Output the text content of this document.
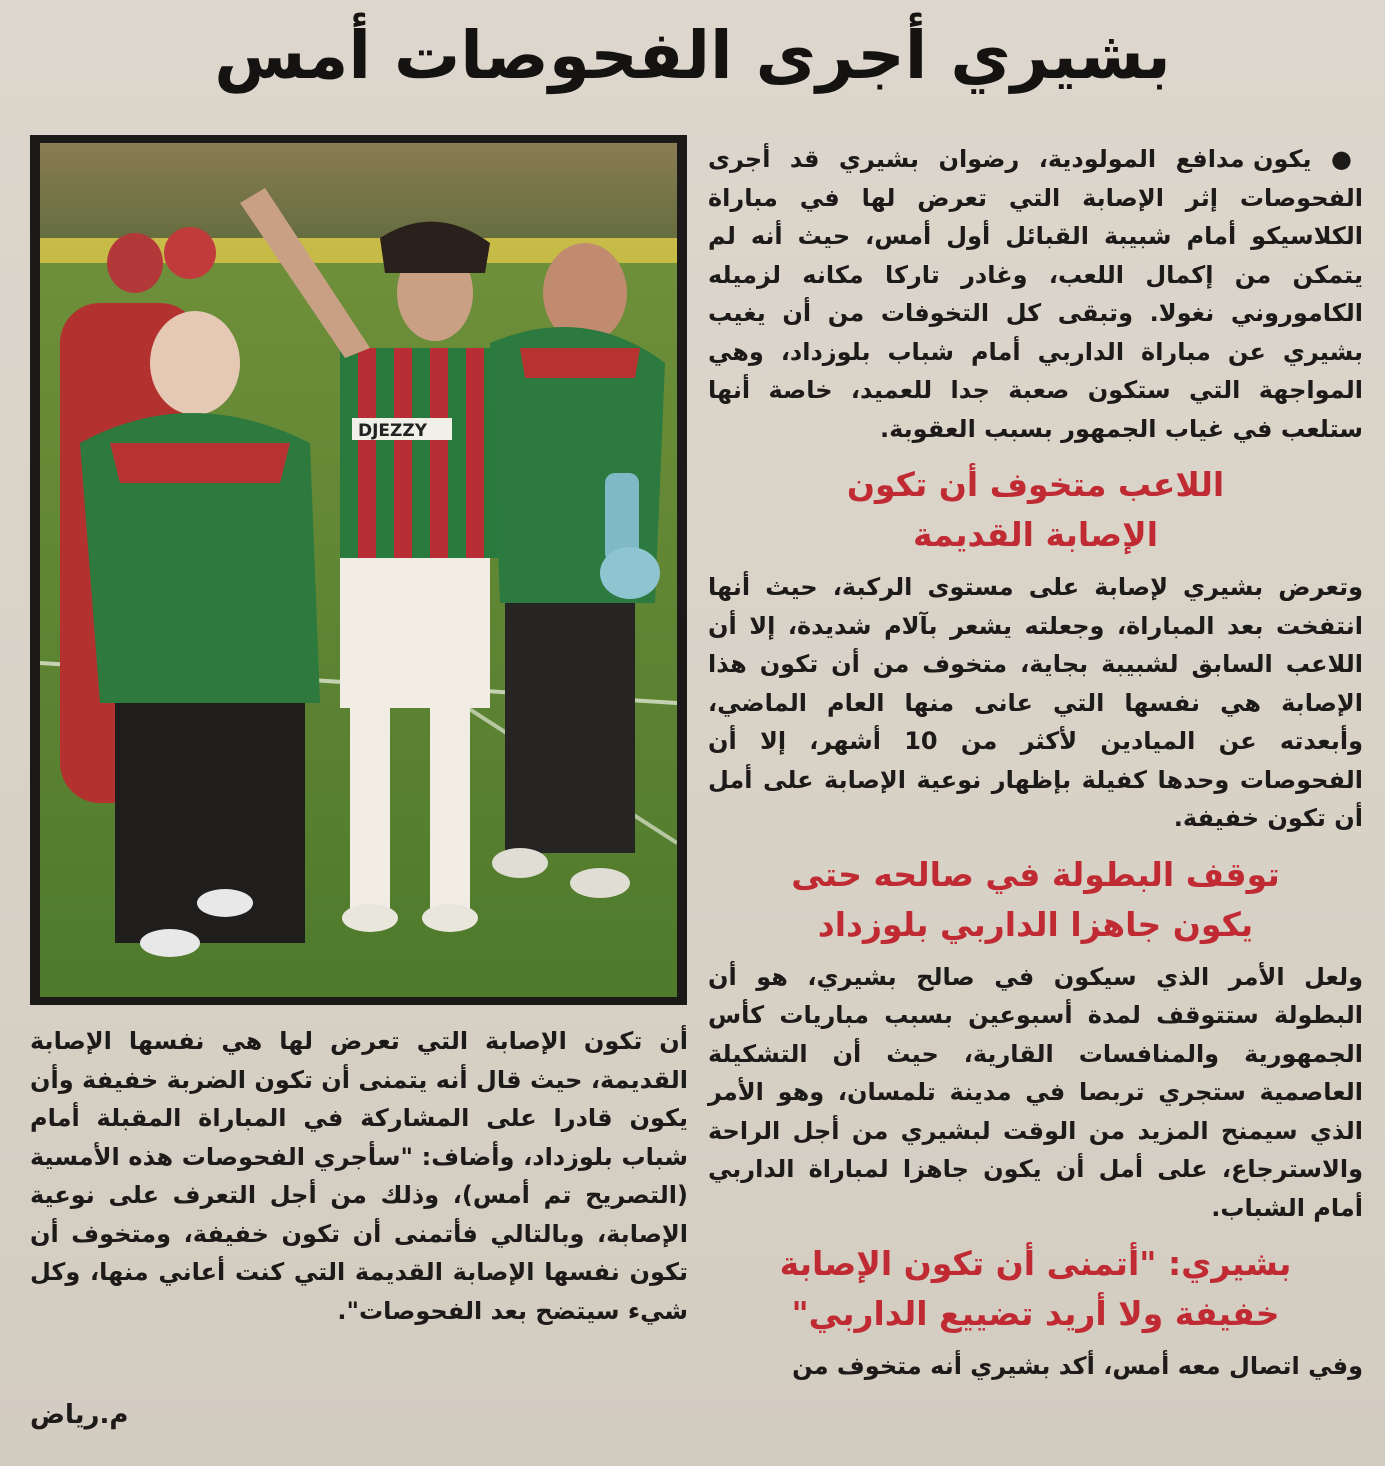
بشيري أجرى الفحوصات أمس
DJEZZY

● يكون مدافع المولودية، رضوان بشيري قد أجرى الفحوصات إثر الإصابة التي تعرض لها في مباراة الكلاسيكو أمام شبيبة القبائل أول أمس، حيث أنه لم يتمكن من إكمال اللعب، وغادر تاركا مكانه لزميله الكاموروني نغولا. وتبقى كل التخوفات من أن يغيب بشيري عن مباراة الداربي أمام شباب بلوزداد، وهي المواجهة التي ستكون صعبة جدا للعميد، خاصة أنها ستلعب في غياب الجمهور بسبب العقوبة.

اللاعب متخوف أن تكون
الإصابة القديمة

وتعرض بشيري لإصابة على مستوى الركبة، حيث أنها انتفخت بعد المباراة، وجعلته يشعر بآلام شديدة، إلا أن اللاعب السابق لشبيبة بجاية، متخوف من أن تكون هذا الإصابة هي نفسها التي عانى منها العام الماضي، وأبعدته عن الميادين لأكثر من 10 أشهر، إلا أن الفحوصات وحدها كفيلة بإظهار نوعية الإصابة على أمل أن تكون خفيفة.

توقف البطولة في صالحه حتى
يكون جاهزا الداربي بلوزداد

ولعل الأمر الذي سيكون في صالح بشيري، هو أن البطولة ستتوقف لمدة أسبوعين بسبب مباريات كأس الجمهورية والمنافسات القارية، حيث أن التشكيلة العاصمية ستجري تربصا في مدينة تلمسان، وهو الأمر الذي سيمنح المزيد من الوقت لبشيري من أجل الراحة والاسترجاع، على أمل أن يكون جاهزا لمباراة الداربي أمام الشباب.

بشيري: "أتمنى أن تكون الإصابة
خفيفة ولا أريد تضييع الداربي"

وفي اتصال معه أمس، أكد بشيري أنه متخوف من

أن تكون الإصابة التي تعرض لها هي نفسها الإصابة القديمة، حيث قال أنه يتمنى أن تكون الضربة خفيفة وأن يكون قادرا على المشاركة في المباراة المقبلة أمام شباب بلوزداد، وأضاف: "سأجري الفحوصات هذه الأمسية (التصريح تم أمس)، وذلك من أجل التعرف على نوعية الإصابة، وبالتالي فأتمنى أن تكون خفيفة، ومتخوف أن تكون نفسها الإصابة القديمة التي كنت أعاني منها، وكل شيء سيتضح بعد الفحوصات".

م.رياض
